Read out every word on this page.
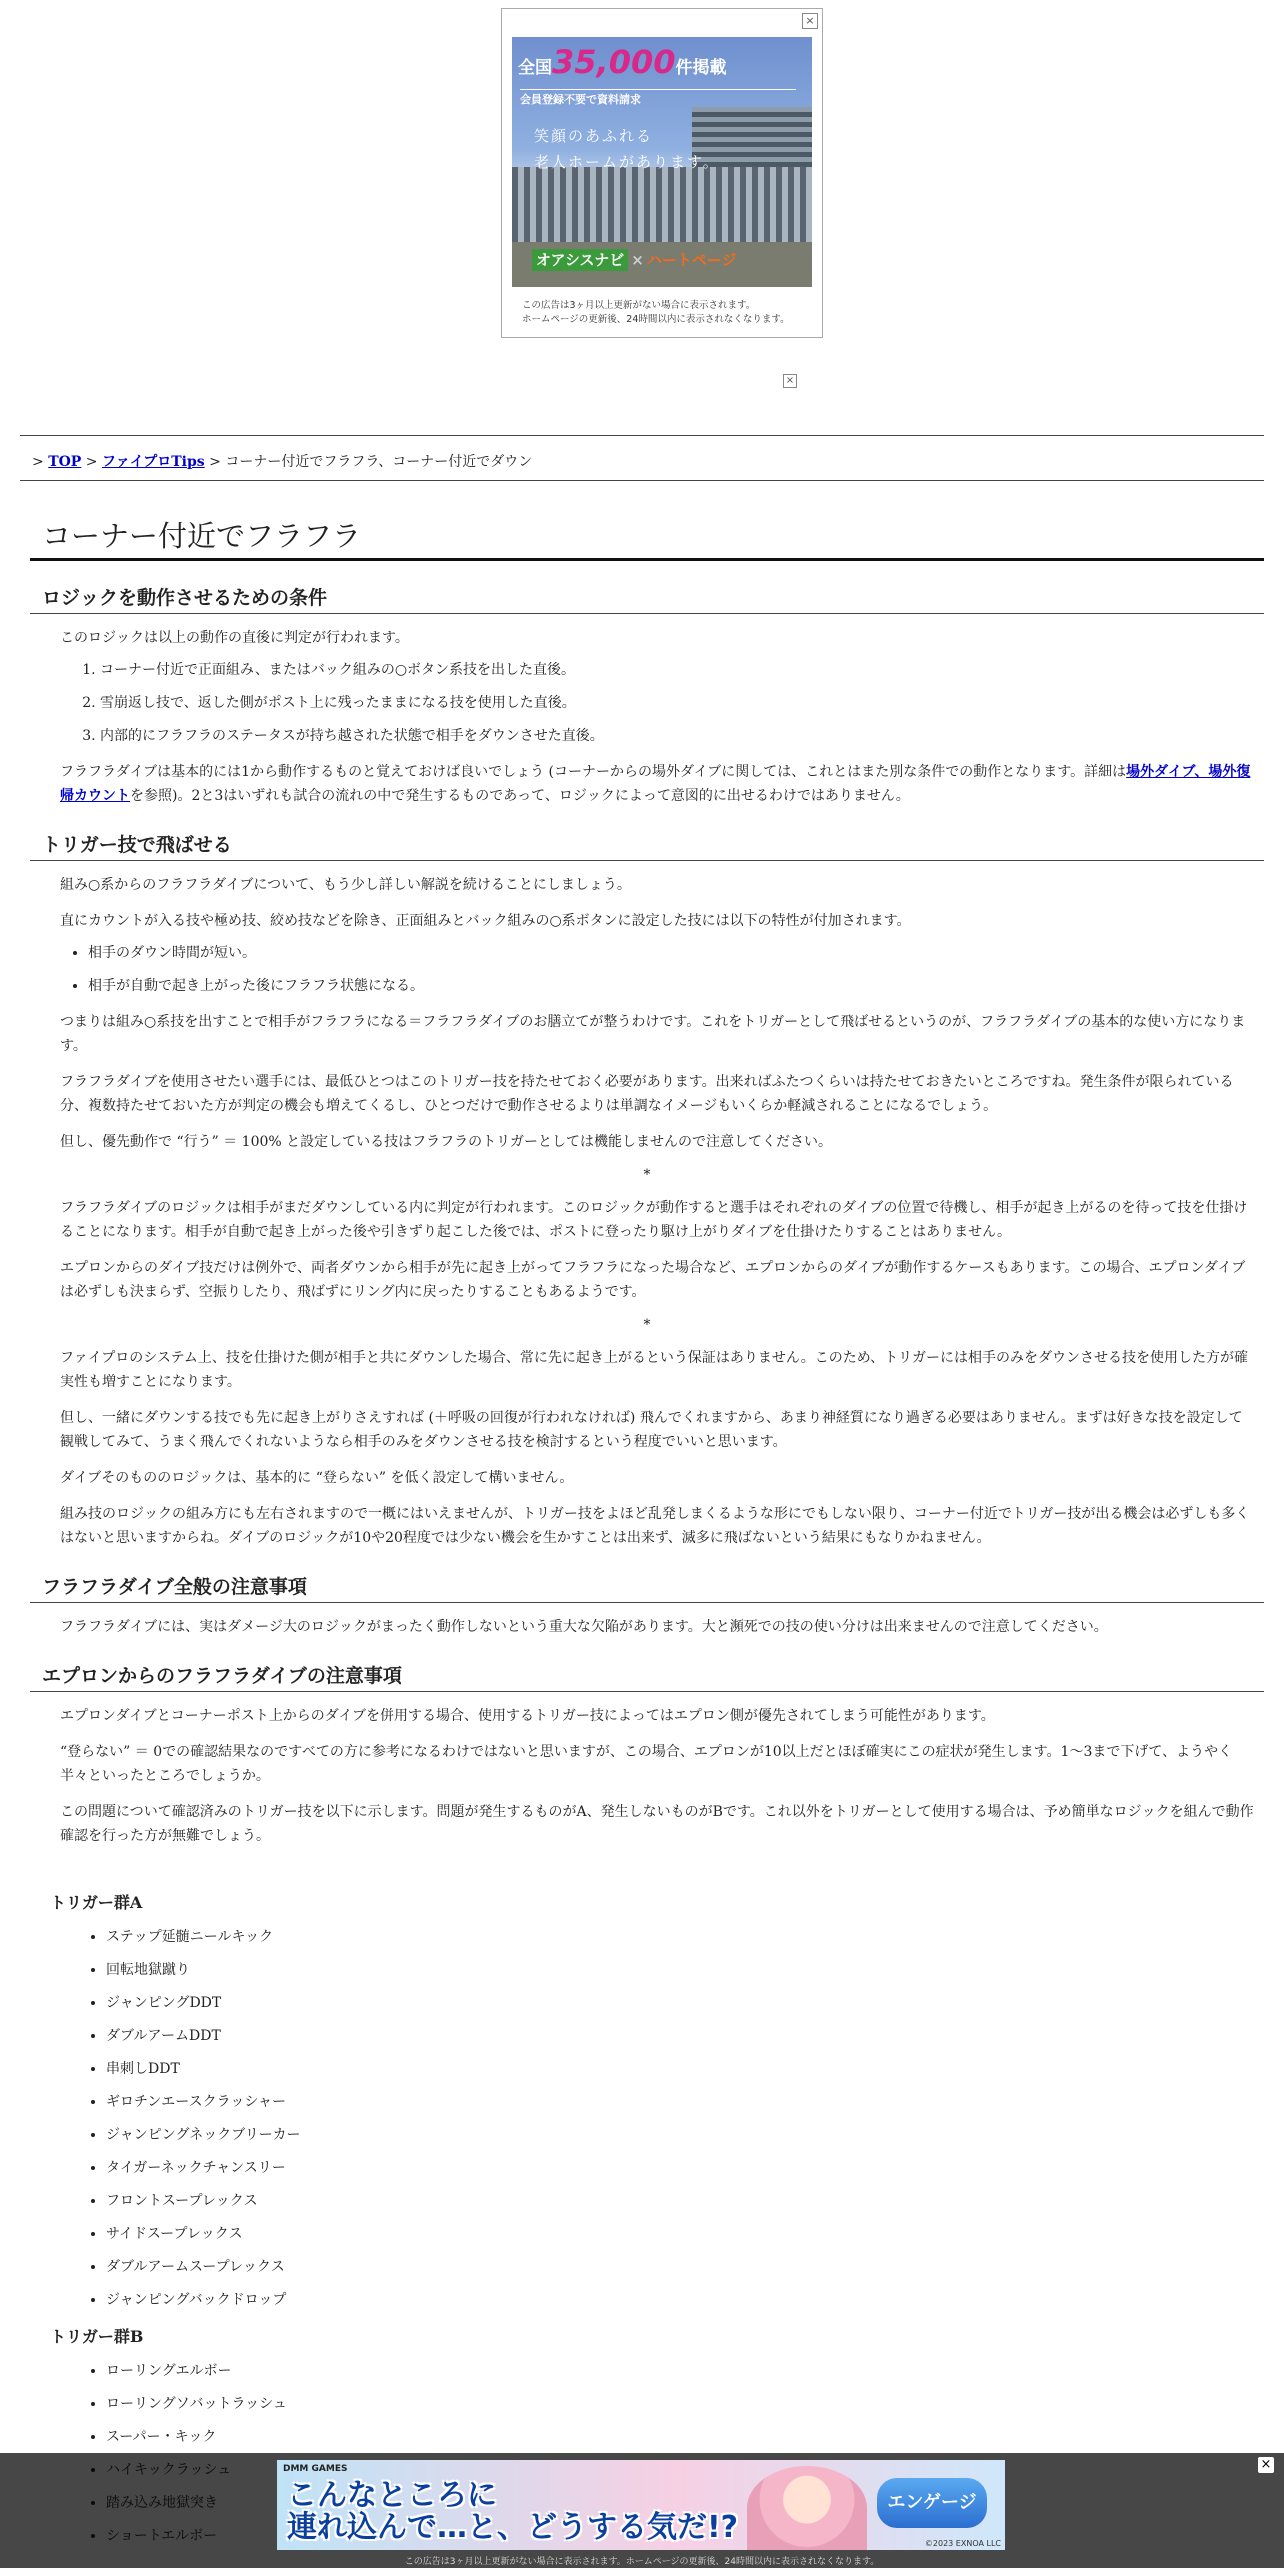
×
全国35,000件掲載
会員登録不要で資料請求
笑顔のあふれる
老人ホームがあります。
オアシスナビ × ハートページ
この広告は3ヶ月以上更新がない場合に表示されます。
ホームページの更新後、24時間以内に表示されなくなります。
×
> TOP > ファイプロTips > コーナー付近でフラフラ、コーナー付近でダウン
コーナー付近でフラフラ
ロジックを動作させるための条件

このロジックは以上の動作の直後に判定が行われます。

1. コーナー付近で正面組み、またはバック組みの○ボタン系技を出した直後。
2. 雪崩返し技で、返した側がポスト上に残ったままになる技を使用した直後。
3. 内部的にフラフラのステータスが持ち越された状態で相手をダウンさせた直後。

フラフラダイブは基本的には1から動作するものと覚えておけば良いでしょう (コーナーからの場外ダイブに関しては、これとはまた別な条件での動作となります。詳細は場外ダイブ、場外復帰カウントを参照)。2と3はいずれも試合の流れの中で発生するものであって、ロジックによって意図的に出せるわけではありません。

トリガー技で飛ばせる

組み○系からのフラフラダイブについて、もう少し詳しい解説を続けることにしましょう。

直にカウントが入る技や極め技、絞め技などを除き、正面組みとバック組みの○系ボタンに設定した技には以下の特性が付加されます。

• 相手のダウン時間が短い。
• 相手が自動で起き上がった後にフラフラ状態になる。

つまりは組み○系技を出すことで相手がフラフラになる＝フラフラダイブのお膳立てが整うわけです。これをトリガーとして飛ばせるというのが、フラフラダイブの基本的な使い方になります。

フラフラダイブを使用させたい選手には、最低ひとつはこのトリガー技を持たせておく必要があります。出来ればふたつくらいは持たせておきたいところですね。発生条件が限られている分、複数持たせておいた方が判定の機会も増えてくるし、ひとつだけで動作させるよりは単調なイメージもいくらか軽減されることになるでしょう。

但し、優先動作で “行う” ＝ 100% と設定している技はフラフラのトリガーとしては機能しませんので注意してください。

*

フラフラダイブのロジックは相手がまだダウンしている内に判定が行われます。このロジックが動作すると選手はそれぞれのダイブの位置で待機し、相手が起き上がるのを待って技を仕掛けることになります。相手が自動で起き上がった後や引きずり起こした後では、ポストに登ったり駆け上がりダイブを仕掛けたりすることはありません。

エプロンからのダイブ技だけは例外で、両者ダウンから相手が先に起き上がってフラフラになった場合など、エプロンからのダイブが動作するケースもあります。この場合、エプロンダイブは必ずしも決まらず、空振りしたり、飛ばずにリング内に戻ったりすることもあるようです。

*

ファイプロのシステム上、技を仕掛けた側が相手と共にダウンした場合、常に先に起き上がるという保証はありません。このため、トリガーには相手のみをダウンさせる技を使用した方が確実性も増すことになります。

但し、一緒にダウンする技でも先に起き上がりさえすれば (＋呼吸の回復が行われなければ) 飛んでくれますから、あまり神経質になり過ぎる必要はありません。まずは好きな技を設定して観戦してみて、うまく飛んでくれないようなら相手のみをダウンさせる技を検討するという程度でいいと思います。

ダイブそのもののロジックは、基本的に “登らない” を低く設定して構いません。

組み技のロジックの組み方にも左右されますので一概にはいえませんが、トリガー技をよほど乱発しまくるような形にでもしない限り、コーナー付近でトリガー技が出る機会は必ずしも多くはないと思いますからね。ダイブのロジックが10や20程度では少ない機会を生かすことは出来ず、滅多に飛ばないという結果にもなりかねません。

フラフラダイブ全般の注意事項

フラフラダイブには、実はダメージ大のロジックがまったく動作しないという重大な欠陥があります。大と瀕死での技の使い分けは出来ませんので注意してください。

エプロンからのフラフラダイブの注意事項

エプロンダイブとコーナーポスト上からのダイブを併用する場合、使用するトリガー技によってはエプロン側が優先されてしまう可能性があります。

“登らない” ＝ 0での確認結果なのですべての方に参考になるわけではないと思いますが、この場合、エプロンが10以上だとほぼ確実にこの症状が発生します。1～3まで下げて、ようやく半々といったところでしょうか。

この問題について確認済みのトリガー技を以下に示します。問題が発生するものがA、発生しないものがBです。これ以外をトリガーとして使用する場合は、予め簡単なロジックを組んで動作確認を行った方が無難でしょう。

トリガー群A
• ステップ延髄ニールキック
• 回転地獄蹴り
• ジャンピングDDT
• ダブルアームDDT
• 串刺しDDT
• ギロチンエースクラッシャー
• ジャンピングネックブリーカー
• タイガーネックチャンスリー
• フロントスープレックス
• サイドスープレックス
• ダブルアームスープレックス
• ジャンピングバックドロップ
トリガー群B
• ローリングエルボー
• ローリングソバットラッシュ
• スーパー・キック
•
•
•
×
DMM GAMES
こんなところに
連れ込んで…と、どうする気だ!?
エンゲージ
©2023 EXNOA LLC
この広告は3ヶ月以上更新がない場合に表示されます。ホームページの更新後、24時間以内に表示されなくなります。
